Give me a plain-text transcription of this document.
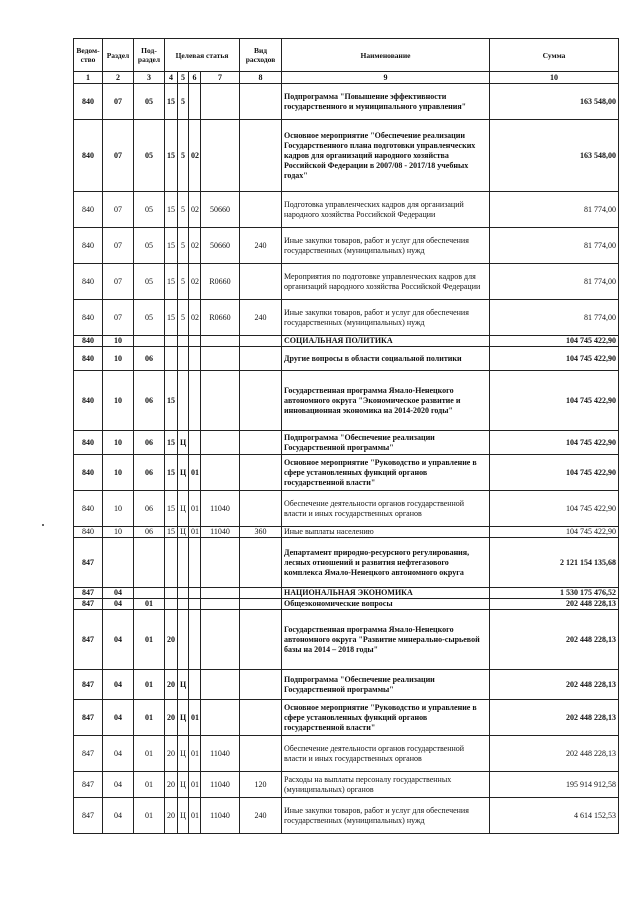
Ведом-ство	Раздел	Под-раздел	Целевая статья				Вид расходов	Наименование	Сумма
1	2	3	4	5	6	7	8	9	10
840	07	05	15	5				Подпрограмма "Повышение эффективности государственного и муниципального управления"	163 548,00
840	07	05	15	5	02			Основное мероприятие "Обеспечение реализации Государственного плана подготовки управленческих кадров для организаций народного хозяйства Российской Федерации в 2007/08 - 2017/18 учебных годах"	163 548,00
840	07	05	15	5	02	50660		Подготовка управленческих кадров для организаций народного хозяйства Российской Федерации	81 774,00
840	07	05	15	5	02	50660	240	Иные закупки товаров, работ и услуг для обеспечения государственных (муниципальных) нужд	81 774,00
840	07	05	15	5	02	R0660		Мероприятия по подготовке управленческих кадров для организаций народного хозяйства Российской Федерации	81 774,00
840	07	05	15	5	02	R0660	240	Иные закупки товаров, работ и услуг для обеспечения государственных (муниципальных) нужд	81 774,00
840	10							СОЦИАЛЬНАЯ ПОЛИТИКА	104 745 422,90
840	10	06						Другие вопросы в области социальной политики	104 745 422,90
840	10	06	15					Государственная программа Ямало-Ненецкого автономного округа "Экономическое развитие и инновационная экономика на 2014-2020 годы"	104 745 422,90
840	10	06	15	Ц				Подпрограмма "Обеспечение реализации Государственной программы"	104 745 422,90
840	10	06	15	Ц	01			Основное мероприятие "Руководство и управление в сфере установленных функций органов государственной власти"	104 745 422,90
840	10	06	15	Ц	01	11040		Обеспечение деятельности органов государственной власти и иных государственных органов	104 745 422,90
840	10	06	15	Ц	01	11040	360	Иные выплаты населению	104 745 422,90
847								Департамент природно-ресурсного регулирования, лесных отношений и развития нефтегазового комплекса Ямало-Ненецкого автономного округа	2 121 154 135,68
847	04							НАЦИОНАЛЬНАЯ ЭКОНОМИКА	1 530 175 476,52
847	04	01						Общеэкономические вопросы	202 448 228,13
847	04	01	20					Государственная программа Ямало-Ненецкого автономного округа "Развитие минерально-сырьевой базы на 2014 – 2018 годы"	202 448 228,13
847	04	01	20	Ц				Подпрограмма "Обеспечение реализации Государственной программы"	202 448 228,13
847	04	01	20	Ц	01			Основное мероприятие "Руководство и управление в сфере установленных функций органов государственной власти"	202 448 228,13
847	04	01	20	Ц	01	11040		Обеспечение деятельности органов государственной власти и иных государственных органов	202 448 228,13
847	04	01	20	Ц	01	11040	120	Расходы на выплаты персоналу государственных (муниципальных) органов	195 914 912,58
847	04	01	20	Ц	01	11040	240	Иные закупки товаров, работ и услуг для обеспечения государственных (муниципальных) нужд	4 614 152,53
